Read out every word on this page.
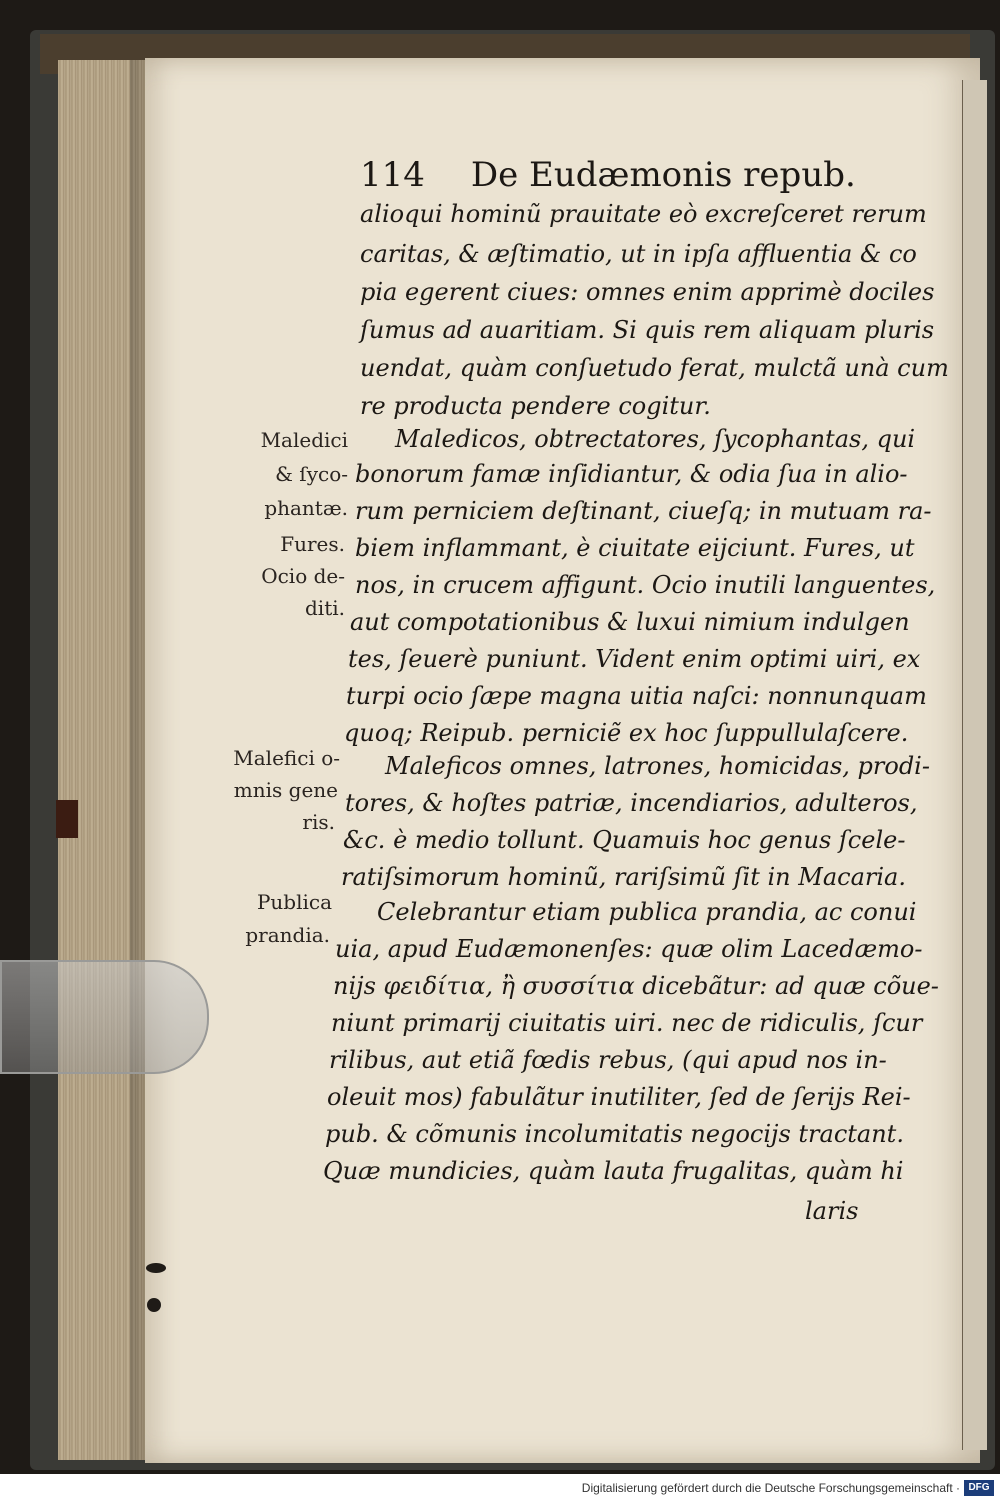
114 De Eudæmonis repub.
alioqui hominũ prauitate eò excreſceret rerum
caritas, & æſtimatio, ut in ipſa affluentia & co
pia egerent ciues: omnes enim apprimè dociles
ſumus ad auaritiam. Si quis rem aliquam pluris
uendat, quàm conſuetudo ferat, mulctã unà cum
re producta pendere cogitur.
Maledicos, obtrectatores, ſycophantas, qui
bonorum famæ inſidiantur, & odia ſua in alio-
rum perniciem deſtinant, ciueſq; in mutuam ra-
biem inflammant, è ciuitate eijciunt. Fures, ut
nos, in crucem affigunt. Ocio inutili languentes,
aut compotationibus & luxui nimium indulgen
tes, ſeuerè puniunt. Vident enim optimi uiri, ex
turpi ocio ſæpe magna uitia naſci: nonnunquam
quoq; Reipub. perniciẽ ex hoc ſuppullulaſcere.
Maleficos omnes, latrones, homicidas, prodi-
tores, & hoſtes patriæ, incendiarios, adulteros,
&c. è medio tollunt. Quamuis hoc genus ſcele-
ratiſsimorum hominũ, rariſsimũ ſit in Macaria.
Celebrantur etiam publica prandia, ac conui
uia, apud Eudæmonenſes: quæ olim Lacedæmo-
nijs φειδίτια, ἢ συσσίτια dicebãtur: ad quæ cõue-
niunt primarij ciuitatis uiri. nec de ridiculis, ſcur
rilibus, aut etiã fœdis rebus, (qui apud nos in-
oleuit mos) fabulãtur inutiliter, ſed de ſerijs Rei-
pub. & cõmunis incolumitatis negocijs tractant.
Quæ mundicies, quàm lauta frugalitas, quàm hi
laris
Maledici
& ſyco-
phantæ.
Fures.
Ocio de-
diti.
Malefici o-
mnis gene
ris.
Publica
prandia.
Digitalisierung gefördert durch die Deutsche Forschungsgemeinschaft · DFG
